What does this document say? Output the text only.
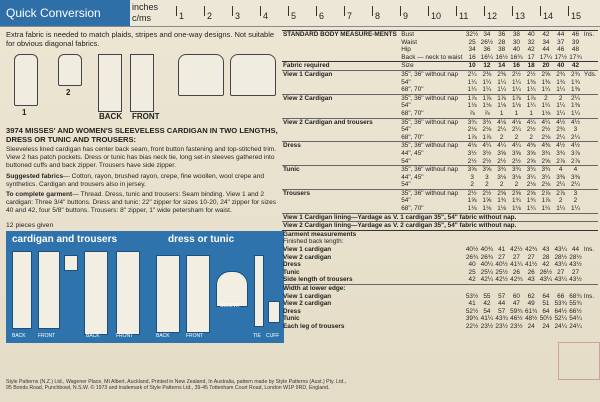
Quick Conversion	inches
c/ms	1	2	3	4	5	6	7	8	9	10 11 12 13 14 15

Extra fabric is needed to match plaids, stripes and one-way designs. Not suitable for obvious diagonal fabrics.

1
2
BACK FRONT

3974 MISSES' AND WOMEN'S SLEEVELESS CARDIGAN IN TWO LENGTHS, DRESS OR TUNIC AND TROUSERS:

Sleeveless lined cardigan has center back seam, front button fastening and top-stitched trim. View 2 has patch pockets. Dress or tunic has bias neck tie, long set-in sleeves gathered into buttoned cuffs and back zipper. Trousers have side zipper.

Suggested fabrics— Cotton, rayon, brushed rayon, crepe, fine woollen, wool crepe and synthetics. Cardigan and trousers also in jersey.

To complete garment— Thread. Dress, tunic and trousers: Seam binding. View 1 and 2 cardigan: Three 3/4" buttons. Dress and tunic: 22" zipper for sizes 10-20, 24" zipper for sizes 40 and 42, four 5/8" buttons. Trousers: 8" zipper, 1" wide petersham for waist.

12 pieces given
cardigan and trousers	dress or tunic
BACK FRONT	BACK	FRONT	BACK	FRONT
SLEEVE
TIE CUFF
STANDARD BODY MEASURE-MENTS	Bust	32½	34	36	38	40	42	44	46	Ins.
	Waist	25	26½	28	30	32	34	37	39	
	Hip	34	36	38	40	42	44	46	48	
	Back — neck to waist	16	16¼	16½	16¾	17	17¼	17½	17¾	
Fabric required	Size	10	12	14	16	18	20	40	42	
View 1 Cardigan	35", 36" without nap	2¼	2⅜	2⅜	2½	2½	2⅝	2¾	2¾	Yds.
	54"	1¼	1¼	1¼	1¼	1⅜	1⅜	1¾	1¾	
	68", 70"	1¼	1¼	1¼	1¼	1¼	1¼	1¼	1⅜	
View 2 Cardigan	35", 36" without nap	1⅞	1⅞	1⅞	1⅞	1⅞	2	2	2¼	
	54"	1⅛	1⅛	1⅛	1⅛	1¼	1¼	1¼	1⅜	
	68", 70"	⅞	⅞	1	1	1	1⅛	1¼	1¼	
View 2 Cardigan and trousers	35", 36" without nap	3¾	3¾	4⅛	4⅛	4¼	4¼	4½	4½	
	54"	2⅛	2⅛	2¼	2¼	2½	2½	2¾	3	
	68", 70"	1⅞	1⅞	2	2	2	2⅛	2¼	2¼	
Dress	35", 36" without nap	4⅛	4¼	4¼	4¼	4⅜	4⅜	4½	4½	
	44", 45"	3½	3½	3⅝	3⅝	3⅝	3¾	3¾	3⅞	
	54"	2½	2½	2½	2½	2⅝	2⅝	2⅞	2⅞	
Tunic	35", 36" without nap	3⅝	3⅝	3¾	3¾	3¾	3¾	4	4	
	44", 45"	3	3	3⅛	3⅛	3¼	3¼	3⅜	3⅜	
	54"	2	2	2	2	2⅛	2⅛	2¼	2¼	
Trousers	35", 36" without nap	2½	2½	2⅝	2⅝	2⅝	2⅞	2⅞	3	
	54"	1⅝	1⅝	1¾	1¾	1¾	1⅞	2	2	
	68", 70"	1⅛	1⅛	1⅛	1⅛	1¼	1¼	1¼	1¼	
View 1 Cardigan lining—Yardage as V. 1 cardigan 35", 54" fabric without nap.										
View 2 Cardigan lining—Yardage as V. 2 cardigan 35", 54" fabric without nap.										
Garment measurements										
Finished back length:										
View 1 cardigan		40½	40¾	41	42½	42¾	43	43¼	44	Ins.
View 2 cardigan		26¾	26¾	27	27	27	28	28½	28½	
Dress		40	40¼	40½	41¼	41½	42	43¼	43½	
Tunic		25	25¼	25½	26	26	26½	27	27	
Side length of trousers		42	42¼	42½	42¾	43	43¼	43¼	43½	
Width at lower edge:										
View 1 cardigan		53½	55	57	60	62	64	66	68¾	Ins.
View 2 cardigan		41	42	44	47	49	51	53¾	55¾	
Dress		52½	54	57	59¾	61¾	64	64½	66½	
Tunic		39¾	41¼	43¾	46½	48½	50½	52¼	54¼	
Each leg of trousers		22½	23½	23½	23½	24	24	24¼	24¼	
Style Patterns (N.Z.) Ltd., Wagener Place, Mt Albert, Auckland, Printed in New Zealand, In Australia, pattern made by Style Patterns (Aust.) Pty. Ltd.,
95 Bonds Road, Punchbowl, N.S.W. © 1973 and trademark of Style Patterns Ltd., 39-45 Tottenham Court Road, London W1P 9RD, England.
